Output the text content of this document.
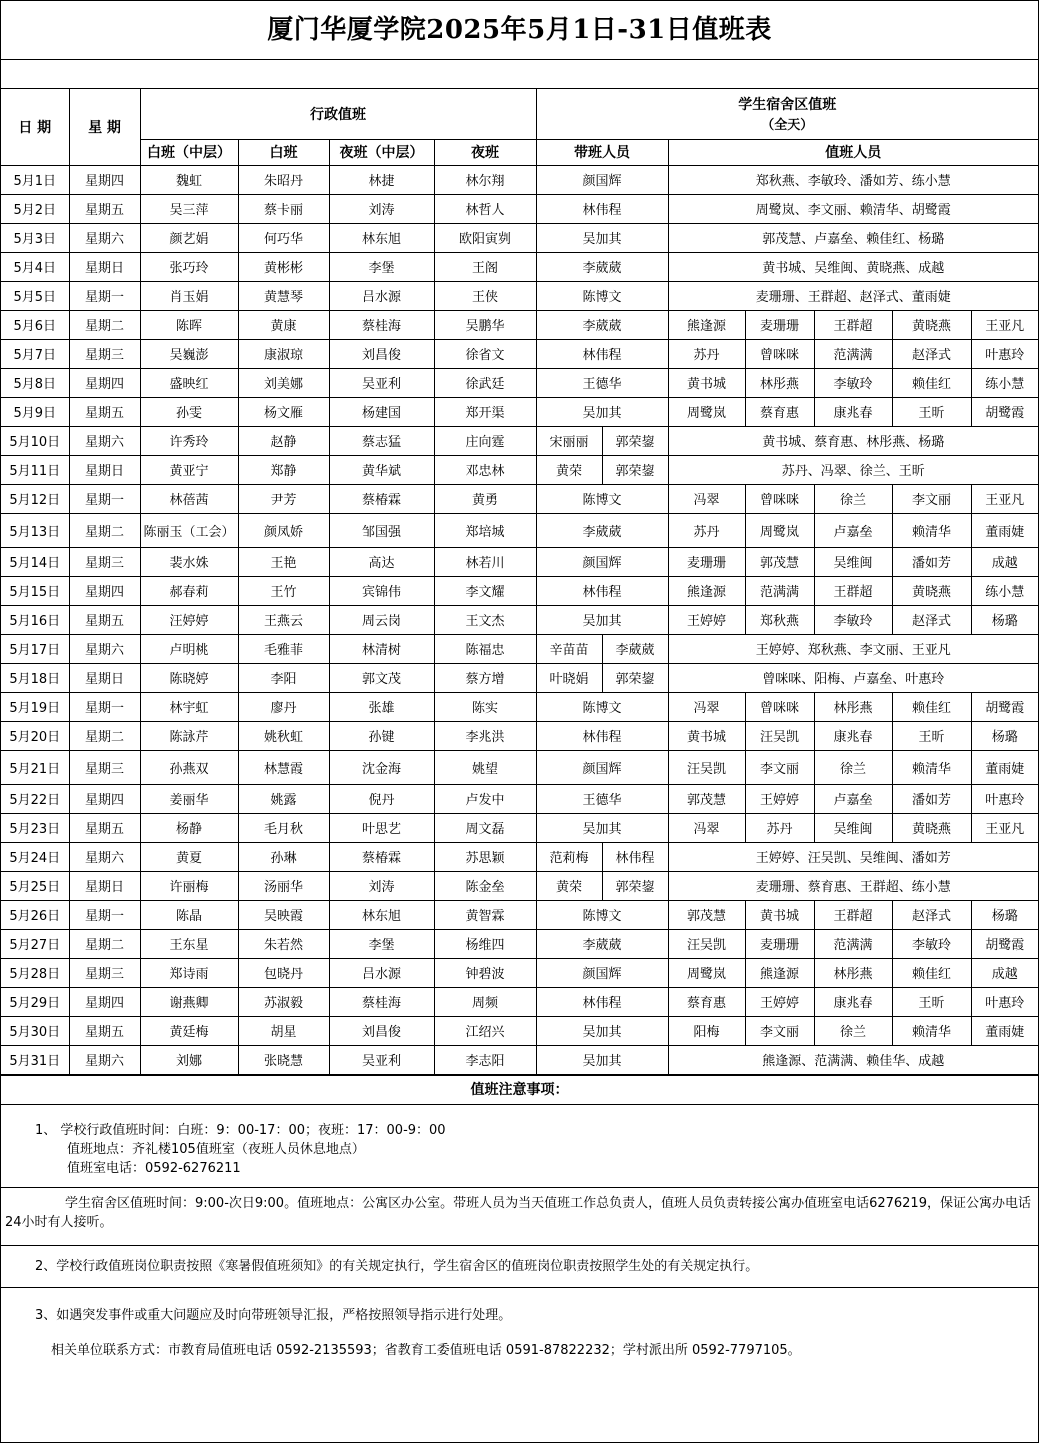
厦门华厦学院2025年5月1日-31日值班表
日 期	星 期	行政值班				学生宿舍区值班
（全天）						

		白班（中层）	白班	夜班（中层）	夜班	带班人员		值班人员				
5月1日	星期四	魏虹	朱昭丹	林捷	林尔翔	颜国辉		郑秋燕、李敏玲、潘如芳、练小慧				
5月2日	星期五	吴三萍	蔡卡丽	刘涛	林哲人	林伟程		周鹭岚、李文丽、赖清华、胡鹭霞				
5月3日	星期六	颜艺娟	何巧华	林东旭	欧阳寅刿	吴加其		郭茂慧、卢嘉垒、赖佳红、杨璐				
5月4日	星期日	张巧玲	黄彬彬	李堡	王阁	李葳葳		黄书城、吴维闽、黄晓燕、成越				
5月5日	星期一	肖玉娟	黄慧琴	吕水源	王侠	陈博文		麦珊珊、王群超、赵泽式、董雨婕				
5月6日	星期二	陈晖	黄康	蔡桂海	吴鹏华	李葳葳		熊逢源	麦珊珊	王群超	黄晓燕	王亚凡
5月7日	星期三	吴巍澎	康淑琼	刘昌俊	徐省文	林伟程		苏丹	曾咪咪	范满满	赵泽式	叶惠玲
5月8日	星期四	盛映红	刘美娜	吴亚利	徐武廷	王德华		黄书城	林彤燕	李敏玲	赖佳红	练小慧
5月9日	星期五	孙雯	杨文雁	杨建国	郑开渠	吴加其		周鹭岚	蔡育惠	康兆春	王昕	胡鹭霞
5月10日	星期六	许秀玲	赵静	蔡志猛	庄向霆	宋丽丽	郭荣鋆	黄书城、蔡育惠、林彤燕、杨璐				
5月11日	星期日	黄亚宁	郑静	黄华斌	邓忠林	黄荣	郭荣鋆	苏丹、冯翠、徐兰、王昕				
5月12日	星期一	林蓓茜	尹芳	蔡椿霖	黄勇	陈博文		冯翠	曾咪咪	徐兰	李文丽	王亚凡
5月13日	星期二	陈丽玉（工会）	颜凤娇	邹国强	郑培城	李葳葳		苏丹	周鹭岚	卢嘉垒	赖清华	董雨婕
5月14日	星期三	裴水姝	王艳	高达	林若川	颜国辉		麦珊珊	郭茂慧	吴维闽	潘如芳	成越
5月15日	星期四	郝春莉	王竹	宾锦伟	李文耀	林伟程		熊逢源	范满满	王群超	黄晓燕	练小慧
5月16日	星期五	汪婷婷	王燕云	周云岗	王文杰	吴加其		王婷婷	郑秋燕	李敏玲	赵泽式	杨璐
5月17日	星期六	卢明桃	毛雅菲	林清树	陈福忠	辛苗苗	李葳葳	王婷婷、郑秋燕、李文丽、王亚凡				
5月18日	星期日	陈晓婷	李阳	郭文茂	蔡方增	叶晓娟	郭荣鋆	曾咪咪、阳梅、卢嘉垒、叶惠玲				
5月19日	星期一	林宇虹	廖丹	张雄	陈实	陈博文		冯翠	曾咪咪	林彤燕	赖佳红	胡鹭霞
5月20日	星期二	陈詠芹	姚秋虹	孙键	李兆洪	林伟程		黄书城	汪吴凯	康兆春	王昕	杨璐
5月21日	星期三	孙燕双	林慧霞	沈金海	姚望	颜国辉		汪吴凯	李文丽	徐兰	赖清华	董雨婕
5月22日	星期四	姜丽华	姚露	倪丹	卢发中	王德华		郭茂慧	王婷婷	卢嘉垒	潘如芳	叶惠玲
5月23日	星期五	杨静	毛月秋	叶思艺	周文磊	吴加其		冯翠	苏丹	吴维闽	黄晓燕	王亚凡
5月24日	星期六	黄夏	孙琳	蔡椿霖	苏思颖	范莉梅	林伟程	王婷婷、汪吴凯、吴维闽、潘如芳				
5月25日	星期日	许丽梅	汤丽华	刘涛	陈金垒	黄荣	郭荣鋆	麦珊珊、蔡育惠、王群超、练小慧				
5月26日	星期一	陈晶	吴映霞	林东旭	黄智霖	陈博文		郭茂慧	黄书城	王群超	赵泽式	杨璐
5月27日	星期二	王东星	朱若然	李堡	杨维四	李葳葳		汪吴凯	麦珊珊	范满满	李敏玲	胡鹭霞
5月28日	星期三	郑诗雨	包晓丹	吕水源	钟碧波	颜国辉		周鹭岚	熊逢源	林彤燕	赖佳红	成越
5月29日	星期四	谢燕卿	苏淑毅	蔡桂海	周频	林伟程		蔡育惠	王婷婷	康兆春	王昕	叶惠玲
5月30日	星期五	黄廷梅	胡星	刘昌俊	江绍兴	吴加其		阳梅	李文丽	徐兰	赖清华	董雨婕
5月31日	星期六	刘娜	张晓慧	吴亚利	李志阳	吴加其		熊逢源、范满满、赖佳华、成越				
值班注意事项：
1、 学校行政值班时间：白班：9：00-17：00；夜班：17：00-9：00
值班地点：齐礼楼105值班室（夜班人员休息地点）
值班室电话：0592-6276211
学生宿舍区值班时间：9:00-次日9:00。值班地点：公寓区办公室。带班人员为当天值班工作总负责人，值班人员负责转接公寓办值班室电话6276219，保证公寓办电话24小时有人接听。
2、学校行政值班岗位职责按照《寒暑假值班须知》的有关规定执行，学生宿舍区的值班岗位职责按照学生处的有关规定执行。
3、如遇突发事件或重大问题应及时向带班领导汇报，严格按照领导指示进行处理。
相关单位联系方式：市教育局值班电话 0592-2135593；省教育工委值班电话 0591-87822232；学村派出所 0592-7797105。
